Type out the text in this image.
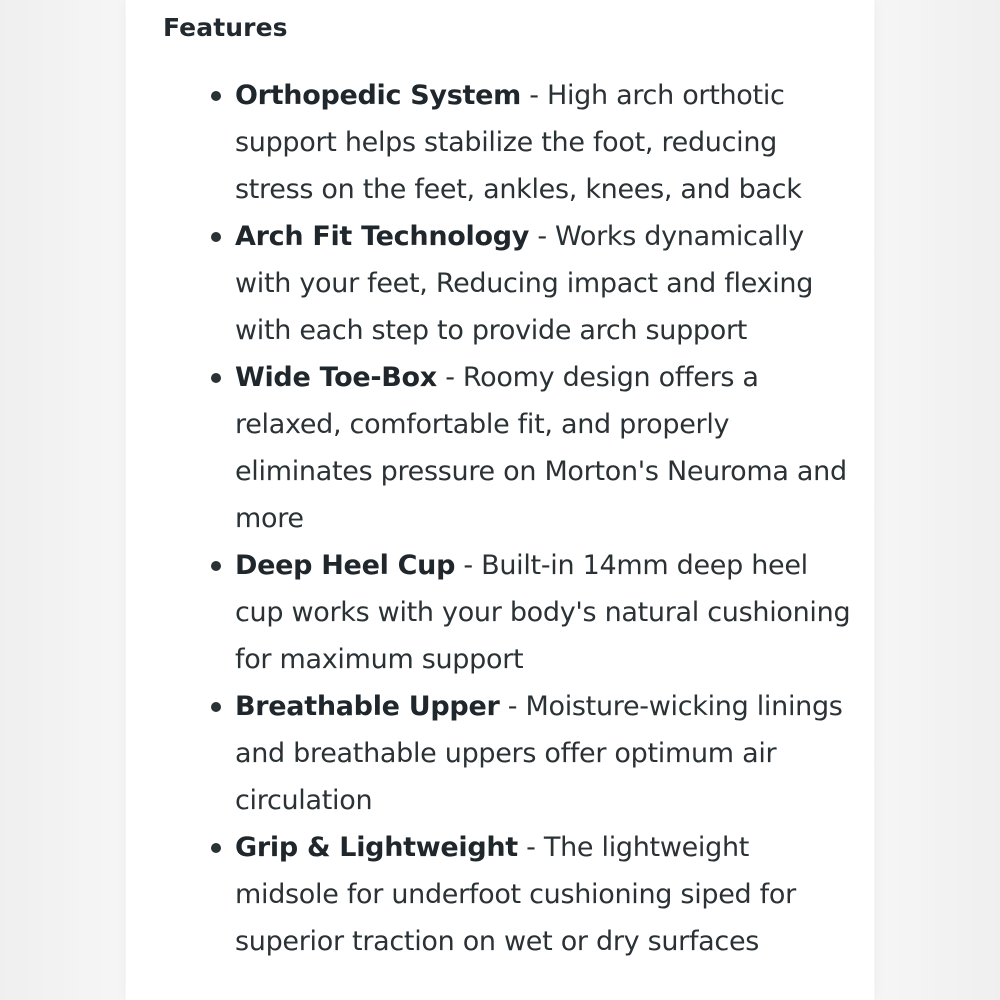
Features
Orthopedic System - High arch orthotic support helps stabilize the foot, reducing stress on the feet, ankles, knees, and back
Arch Fit Technology - Works dynamically with your feet, Reducing impact and flexing with each step to provide arch support
Wide Toe-Box - Roomy design offers a relaxed, comfortable fit, and properly eliminates pressure on Morton's Neuroma and more
Deep Heel Cup - Built-in 14mm deep heel cup works with your body's natural cushioning for maximum support
Breathable Upper - Moisture-wicking linings and breathable uppers offer optimum air circulation
Grip & Lightweight - The lightweight midsole for underfoot cushioning siped for superior traction on wet or dry surfaces
